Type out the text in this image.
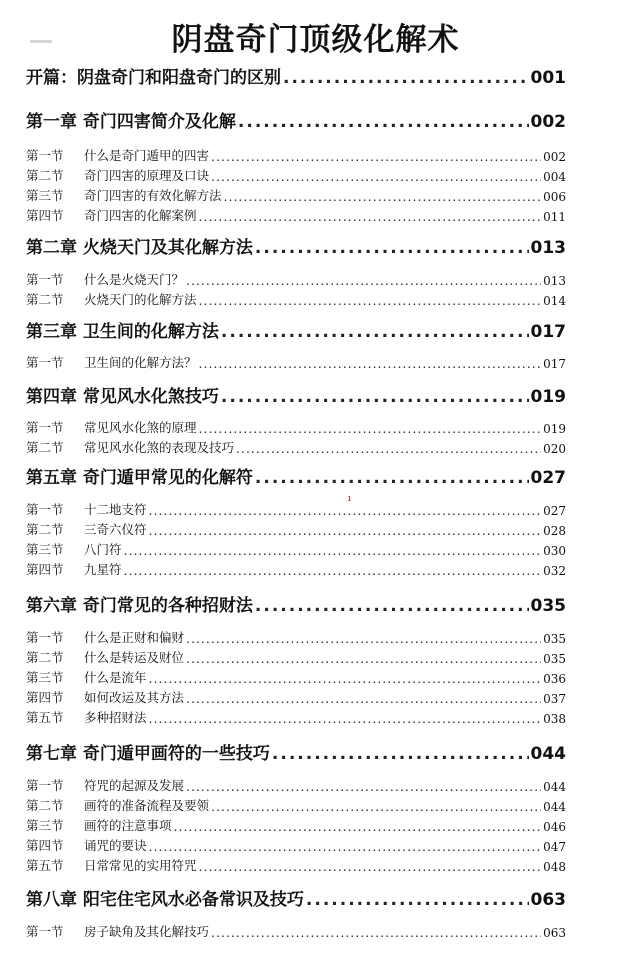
阴盘奇门顶级化解术
开篇：阴盘奇门和阳盘奇门的区别 .....	001
第一章 奇门四害简介及化解 .....	002
第一节 什么是奇门遁甲的四害 .....	002
第二节 奇门四害的原理及口诀 .....	004
第三节 奇门四害的有效化解方法 .....	006
第四节 奇门四害的化解案例 .....	011
第二章 火烧天门及其化解方法 .....	013
第一节 什么是火烧天门？ .....	013
第二节 火烧天门的化解方法 .....	014
第三章 卫生间的化解方法 .....	017
第一节 卫生间的化解方法？ .....	017
第四章 常见风水化煞技巧 .....	019
第一节 常见风水化煞的原理 .....	019
第二节 常见风水化煞的表现及技巧 .....	020
第五章 奇门遁甲常见的化解符 .....	027
第一节 十二地支符 .....	027
第二节 三奇六仪符 .....	028
第三节 八门符 .....	030
第四节 九星符 .....	032
第六章 奇门常见的各种招财法 .....	035
第一节 什么是正财和偏财 .....	035
第二节 什么是转运及财位 .....	035
第三节 什么是流年 .....	036
第四节 如何改运及其方法 .....	037
第五节 多种招财法 .....	038
第七章 奇门遁甲画符的一些技巧 .....	044
第一节 符咒的起源及发展 .....	044
第二节 画符的准备流程及要领 .....	044
第三节 画符的注意事项 .....	046
第四节 诵咒的要诀 .....	047
第五节 日常常见的实用符咒 .....	048
第八章 阳宅住宅风水必备常识及技巧 .....	063
第一节 房子缺角及其化解技巧 .....	063
ı
